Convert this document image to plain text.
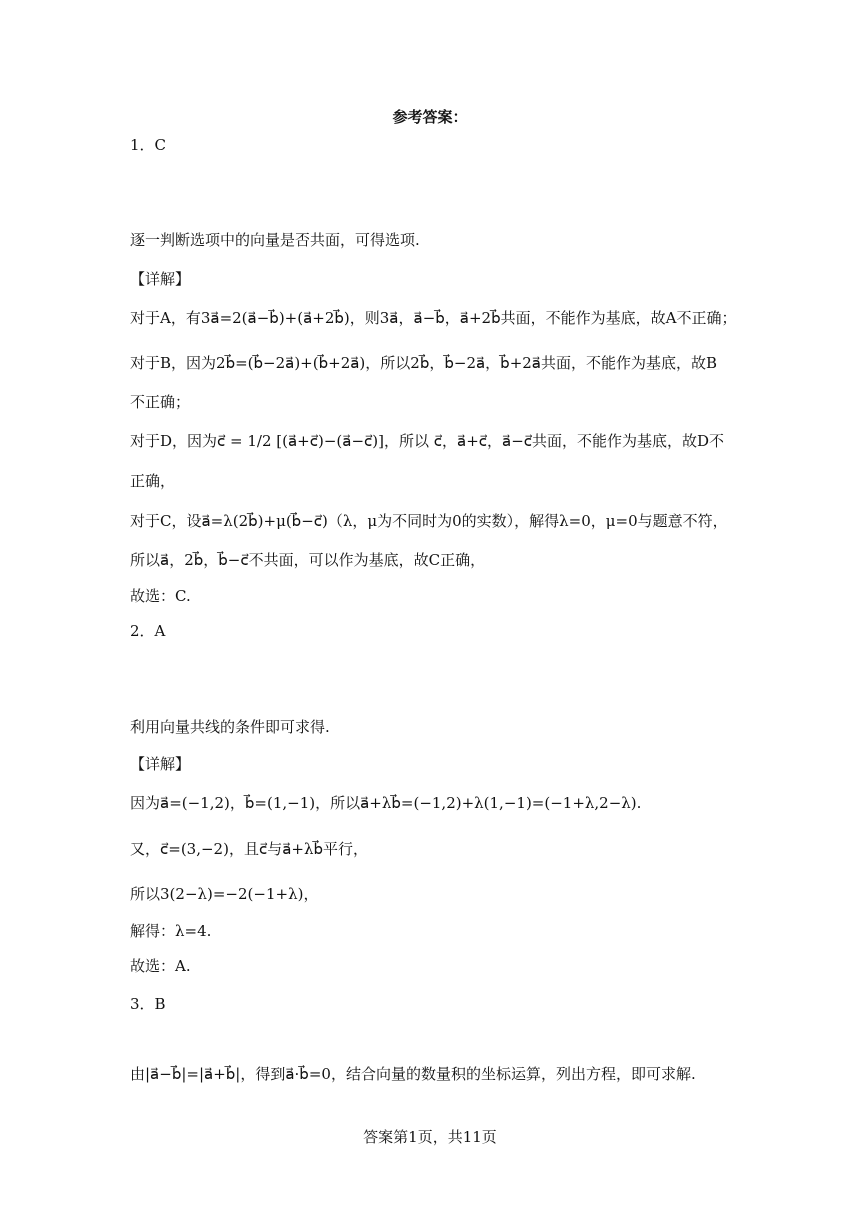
参考答案：
1．C
逐一判断选项中的向量是否共面，可得选项.
【详解】
对于A，有3a⃗=2(a⃗−b⃗)+(a⃗+2b⃗)，则3a⃗，a⃗−b⃗，a⃗+2b⃗共面，不能作为基底，故A不正确；
对于B，因为2b⃗=(b⃗−2a⃗)+(b⃗+2a⃗)，所以2b⃗，b⃗−2a⃗，b⃗+2a⃗共面，不能作为基底，故B
不正确；
对于D，因为c⃗ = 1/2 [(a⃗+c⃗)−(a⃗−c⃗)]，所以 c⃗，a⃗+c⃗，a⃗−c⃗共面，不能作为基底，故D不
正确，
对于C，设a⃗=λ(2b⃗)+μ(b⃗−c⃗)（λ，μ为不同时为0的实数），解得λ=0，μ=0与题意不符，
所以a⃗，2b⃗，b⃗−c⃗不共面，可以作为基底，故C正确，
故选：C.
2．A
利用向量共线的条件即可求得.
【详解】
因为a⃗=(−1,2)，b⃗=(1,−1)，所以a⃗+λb⃗=(−1,2)+λ(1,−1)=(−1+λ,2−λ).
又，c⃗=(3,−2)，且c⃗与a⃗+λb⃗平行，
所以3(2−λ)=−2(−1+λ)，
解得：λ=4.
故选：A.
3．B
由|a⃗−b⃗|=|a⃗+b⃗|，得到a⃗·b⃗=0，结合向量的数量积的坐标运算，列出方程，即可求解.
答案第1页，共11页
